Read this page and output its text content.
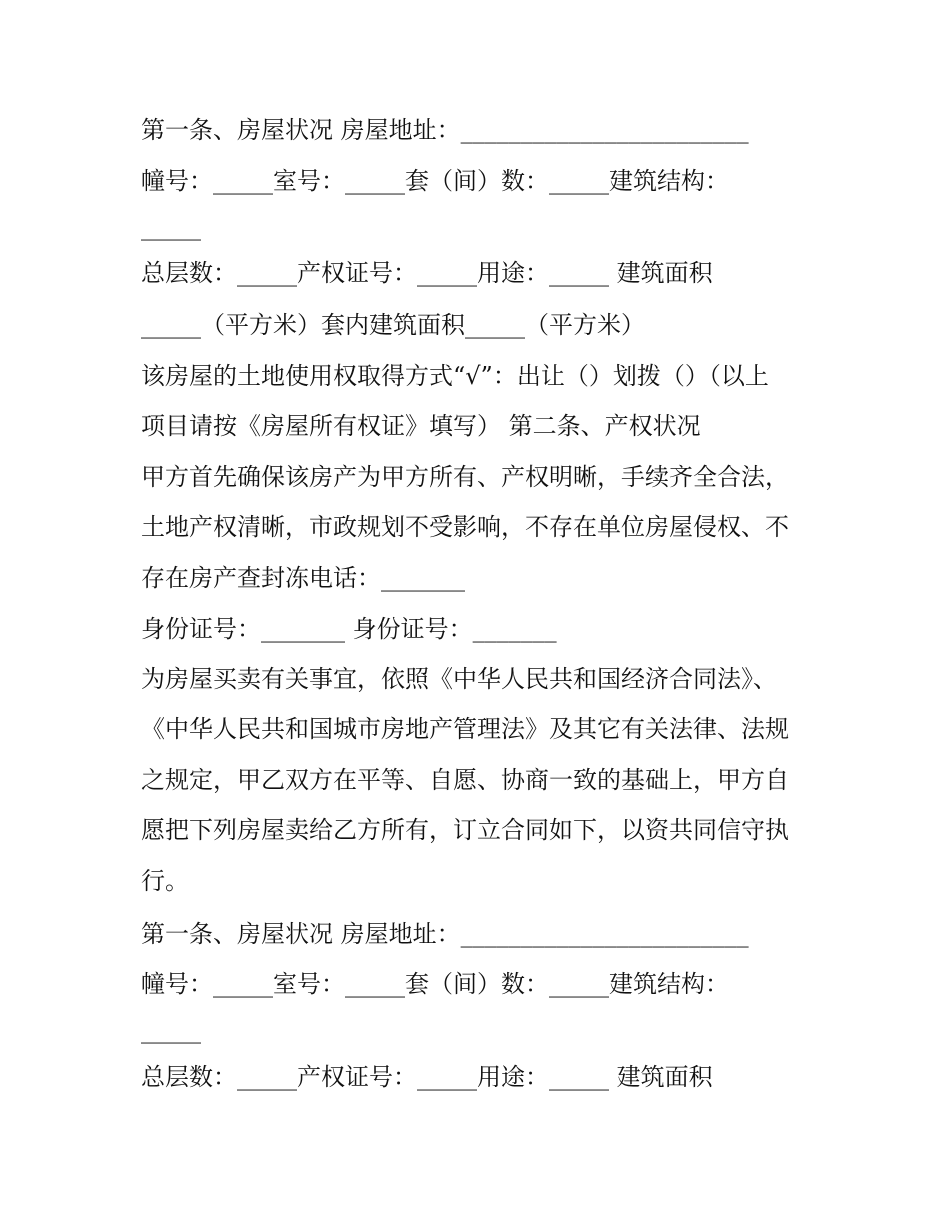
第一条、房屋状况 房屋地址：________________________
幢号：_____室号：_____套（间）数：_____建筑结构：
_____
总层数：_____产权证号：_____用途：_____ 建筑面积
_____（平方米）套内建筑面积_____（平方米）
该房屋的土地使用权取得方式“√”：出让（）划拨（）（以上
项目请按《房屋所有权证》填写） 第二条、产权状况
甲方首先确保该房产为甲方所有、产权明晰，手续齐全合法，
土地产权清晰，市政规划不受影响，不存在单位房屋侵权、不
存在房产查封冻电话：_______
身份证号：_______ 身份证号：_______
为房屋买卖有关事宜，依照《中华人民共和国经济合同法》、
《中华人民共和国城市房地产管理法》及其它有关法律、法规
之规定，甲乙双方在平等、自愿、协商一致的基础上，甲方自
愿把下列房屋卖给乙方所有，订立合同如下，以资共同信守执
行。
第一条、房屋状况 房屋地址：________________________
幢号：_____室号：_____套（间）数：_____建筑结构：
_____
总层数：_____产权证号：_____用途：_____ 建筑面积
